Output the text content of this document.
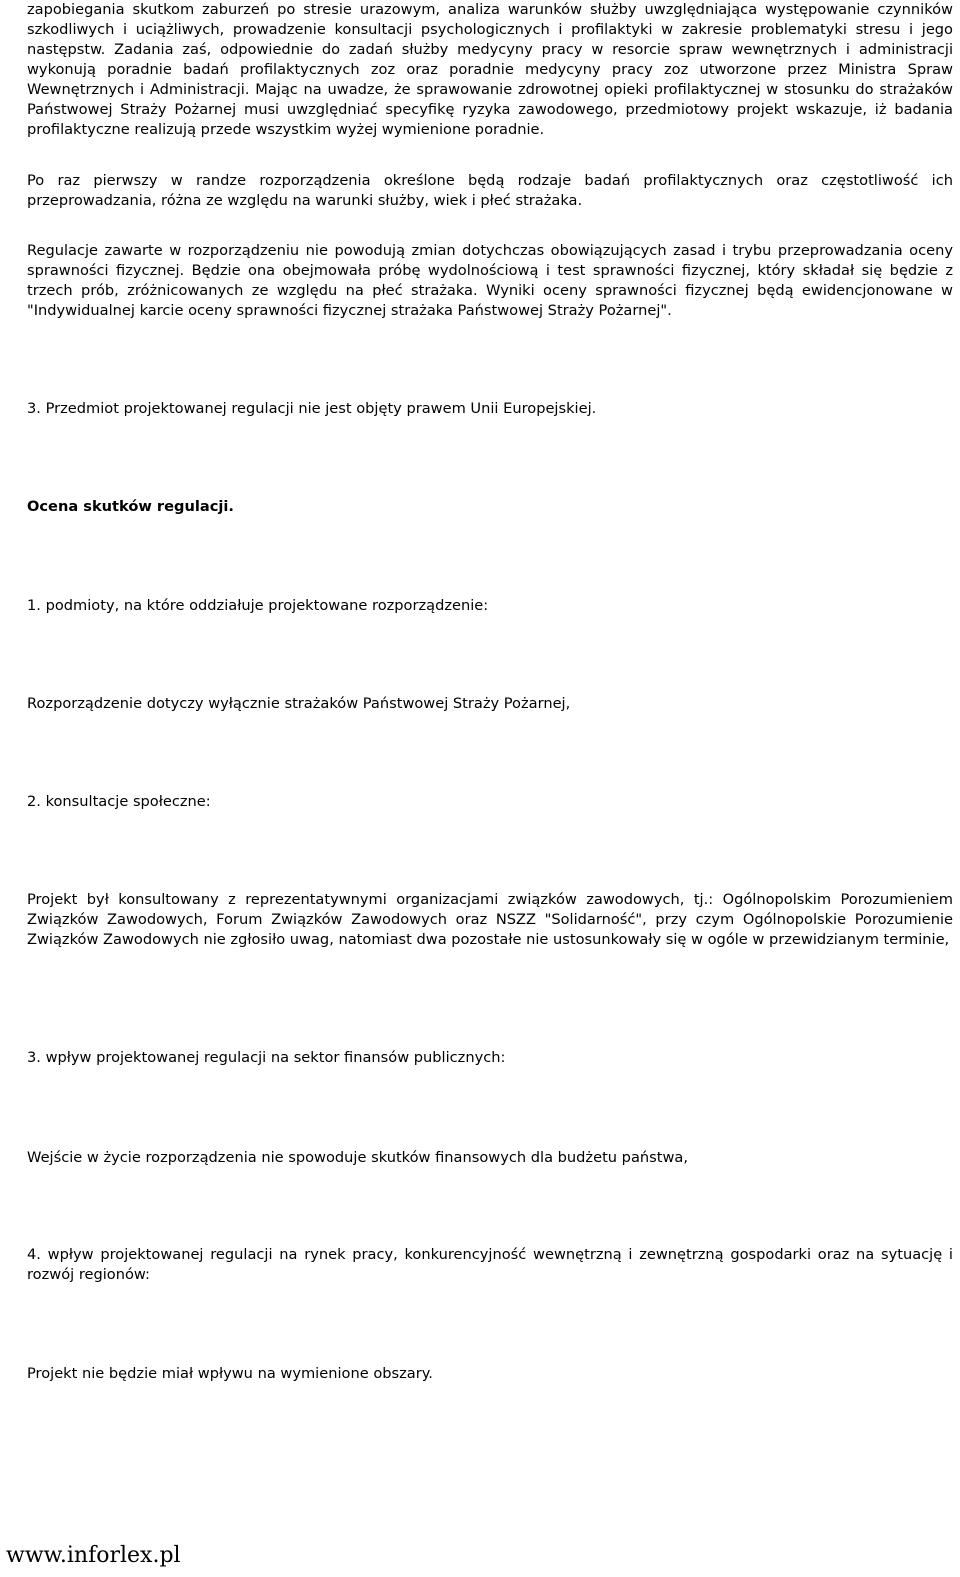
zapobiegania skutkom zaburzeń po stresie urazowym, analiza warunków służby uwzględniająca występowanie czynników szkodliwych i uciążliwych, prowadzenie konsultacji psychologicznych i profilaktyki w zakresie problematyki stresu i jego następstw. Zadania zaś, odpowiednie do zadań służby medycyny pracy w resorcie spraw wewnętrznych i administracji wykonują poradnie badań profilaktycznych zoz oraz poradnie medycyny pracy zoz utworzone przez Ministra Spraw Wewnętrznych i Administracji. Mając na uwadze, że sprawowanie zdrowotnej opieki profilaktycznej w stosunku do strażaków Państwowej Straży Pożarnej musi uwzględniać specyfikę ryzyka zawodowego, przedmiotowy projekt wskazuje, iż badania profilaktyczne realizują przede wszystkim wyżej wymienione poradnie.

Po raz pierwszy w randze rozporządzenia określone będą rodzaje badań profilaktycznych oraz częstotliwość ich przeprowadzania, różna ze względu na warunki służby, wiek i płeć strażaka.

Regulacje zawarte w rozporządzeniu nie powodują zmian dotychczas obowiązujących zasad i trybu przeprowadzania oceny sprawności fizycznej. Będzie ona obejmowała próbę wydolnościową i test sprawności fizycznej, który składał się będzie z trzech prób, zróżnicowanych ze względu na płeć strażaka. Wyniki oceny sprawności fizycznej będą ewidencjonowane w "Indywidualnej karcie oceny sprawności fizycznej strażaka Państwowej Straży Pożarnej".

3. Przedmiot projektowanej regulacji nie jest objęty prawem Unii Europejskiej.

Ocena skutków regulacji.

1. podmioty, na które oddziałuje projektowane rozporządzenie:

Rozporządzenie dotyczy wyłącznie strażaków Państwowej Straży Pożarnej,

2. konsultacje społeczne:

Projekt był konsultowany z reprezentatywnymi organizacjami związków zawodowych, tj.: Ogólnopolskim Porozumieniem Związków Zawodowych, Forum Związków Zawodowych oraz NSZZ "Solidarność", przy czym Ogólnopolskie Porozumienie Związków Zawodowych nie zgłosiło uwag, natomiast dwa pozostałe nie ustosunkowały się w ogóle w przewidzianym terminie,

3. wpływ projektowanej regulacji na sektor finansów publicznych:

Wejście w życie rozporządzenia nie spowoduje skutków finansowych dla budżetu państwa,

4. wpływ projektowanej regulacji na rynek pracy, konkurencyjność wewnętrzną i zewnętrzną gospodarki oraz na sytuację i rozwój regionów:

Projekt nie będzie miał wpływu na wymienione obszary.

www.inforlex.pl
